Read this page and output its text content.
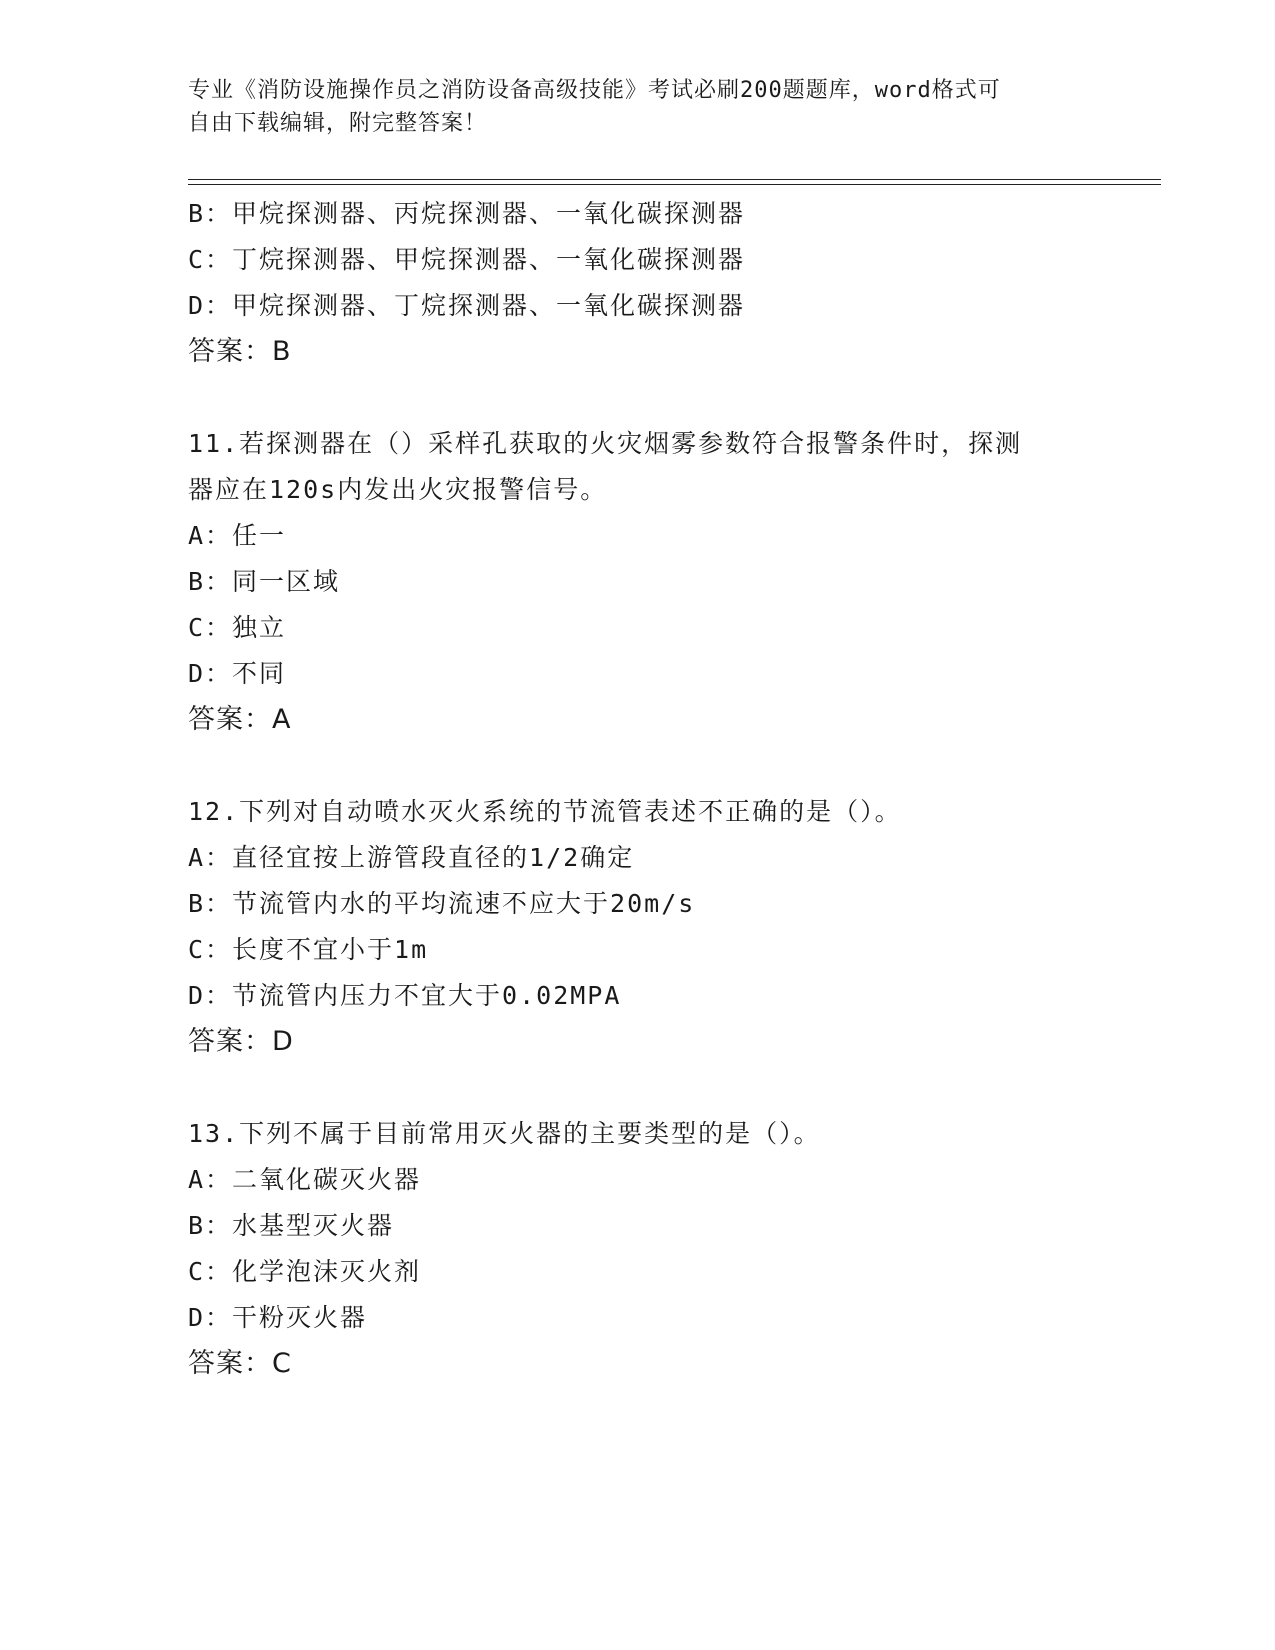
专业《消防设施操作员之消防设备高级技能》考试必刷200题题库，word格式可
自由下载编辑，附完整答案！
B：甲烷探测器、丙烷探测器、一氧化碳探测器
C：丁烷探测器、甲烷探测器、一氧化碳探测器
D：甲烷探测器、丁烷探测器、一氧化碳探测器
答案：B
11.若探测器在（）采样孔获取的火灾烟雾参数符合报警条件时，探测
器应在120s内发出火灾报警信号。
A：任一
B：同一区域
C：独立
D：不同
答案：A
12.下列对自动喷水灭火系统的节流管表述不正确的是（）。
A：直径宜按上游管段直径的1/2确定
B：节流管内水的平均流速不应大于20m/s
C：长度不宜小于1m
D：节流管内压力不宜大于0.02MPA
答案：D
13.下列不属于目前常用灭火器的主要类型的是（）。
A：二氧化碳灭火器
B：水基型灭火器
C：化学泡沫灭火剂
D：干粉灭火器
答案：C
